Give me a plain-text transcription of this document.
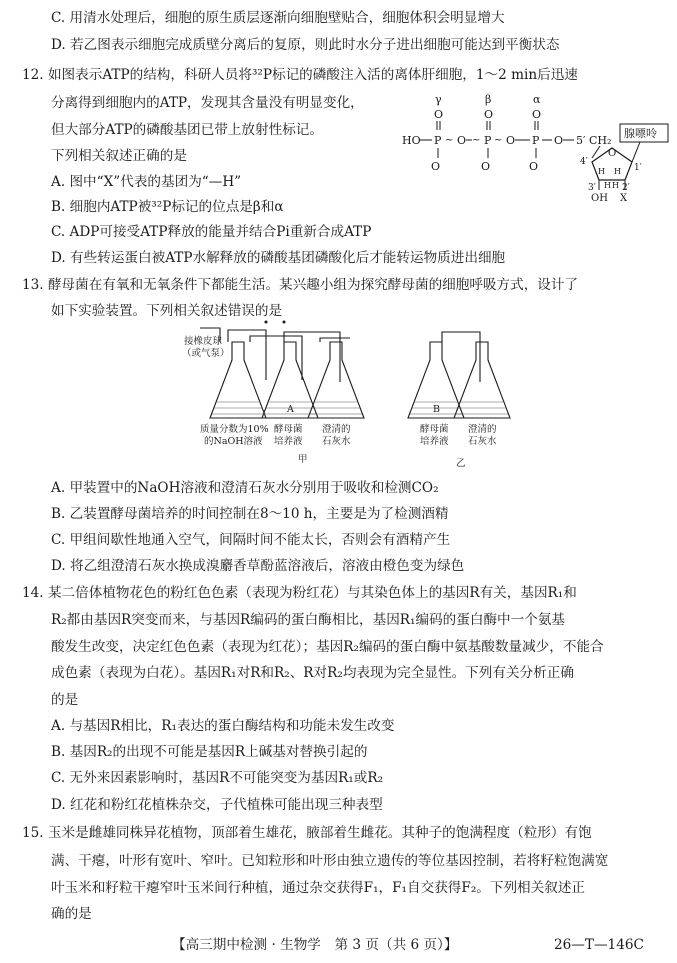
C. 用清水处理后，细胞的原生质层逐渐向细胞壁贴合，细胞体积会明显增大
D. 若乙图表示细胞完成质壁分离后的复原，则此时水分子进出细胞可能达到平衡状态
12. 如图表示ATP的结构，科研人员将³²P标记的磷酸注入活的离体肝细胞，1～2 min后迅速
分离得到细胞内的ATP，发现其含量没有明显变化，
但大部分ATP的磷酸基团已带上放射性标记。
下列相关叙述正确的是
A. 图中“X”代表的基团为“—H”
B. 细胞内ATP被³²P标记的位点是β和α
C. ADP可接受ATP释放的能量并结合Pi重新合成ATP
D. 有些转运蛋白被ATP水解释放的磷酸基团磷酸化后才能转运物质进出细胞
13. 酵母菌在有氧和无氧条件下都能生活。某兴趣小组为探究酵母菌的细胞呼吸方式，设计了
如下实验装置。下列相关叙述错误的是
A. 甲装置中的NaOH溶液和澄清石灰水分别用于吸收和检测CO₂
B. 乙装置酵母菌培养的时间控制在8～10 h，主要是为了检测酒精
C. 甲组间歇性地通入空气，间隔时间不能太长，否则会有酒精产生
D. 将乙组澄清石灰水换成溴麝香草酚蓝溶液后，溶液由橙色变为绿色
14. 某二倍体植物花色的粉红色色素（表现为粉红花）与其染色体上的基因R有关，基因R₁和
R₂都由基因R突变而来，与基因R编码的蛋白酶相比，基因R₁编码的蛋白酶中一个氨基
酸发生改变，决定红色色素（表现为红花）；基因R₂编码的蛋白酶中氨基酸数量减少，不能合
成色素（表现为白花）。基因R₁对R和R₂、R对R₂均表现为完全显性。下列有关分析正确
的是
A. 与基因R相比，R₁表达的蛋白酶结构和功能未发生改变
B. 基因R₂的出现不可能是基因R上碱基对替换引起的
C. 无外来因素影响时，基因R不可能突变为基因R₁或R₂
D. 红花和粉红花植株杂交，子代植株可能出现三种表型
15. 玉米是雌雄同株异花植物，顶部着生雄花，腋部着生雌花。其种子的饱满程度（粒形）有饱
满、干瘪，叶形有宽叶、窄叶。已知粒形和叶形由独立遗传的等位基因控制，若将籽粒饱满宽
叶玉米和籽粒干瘪窄叶玉米间行种植，通过杂交获得F₁，F₁自交获得F₂。下列相关叙述正
确的是
γ	β	α
O	O	O
HO P ~ O ~ P ~ O P O 5′ CH₂
O	O	O
腺嘌呤
O
4′
1′
3′	2′
H H
H H
OH X
接橡皮球
（或气泵）
A	B
质量分数为10%
的NaOH溶液
酵母菌
培养液
澄清的
石灰水
酵母菌
培养液
澄清的
石灰水
甲	乙
【高三期中检测 · 生物学　第 3 页（共 6 页）】	26—T—146C
